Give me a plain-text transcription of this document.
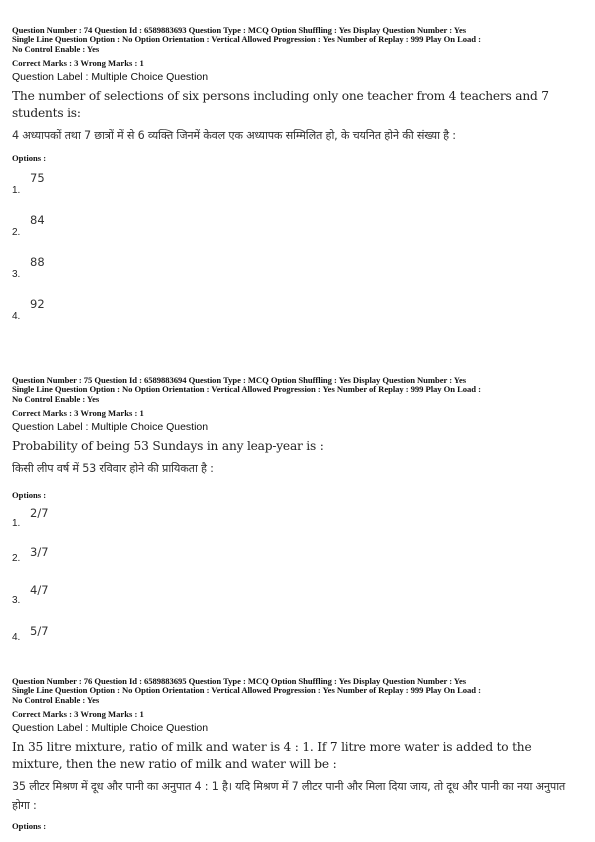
Question Number : 74 Question Id : 6589883693 Question Type : MCQ Option Shuffling : Yes Display Question Number : Yes
Single Line Question Option : No Option Orientation : Vertical Allowed Progression : Yes Number of Replay : 999 Play On Load :
No Control Enable : Yes
Correct Marks : 3 Wrong Marks : 1
Question Label : Multiple Choice Question
The number of selections of six persons including only one teacher from 4 teachers and 7 students is:
4 अध्यापकों तथा 7 छात्रों में से 6 व्यक्ति जिनमें केवल एक अध्यापक सम्मिलित हो, के चयनित होने की संख्या है :
Options :
1.
75
2.
84
3.
88
4.
92
Question Number : 75 Question Id : 6589883694 Question Type : MCQ Option Shuffling : Yes Display Question Number : Yes
Single Line Question Option : No Option Orientation : Vertical Allowed Progression : Yes Number of Replay : 999 Play On Load :
No Control Enable : Yes
Correct Marks : 3 Wrong Marks : 1
Question Label : Multiple Choice Question
Probability of being 53 Sundays in any leap-year is :
किसी लीप वर्ष में 53 रविवार होने की प्रायिकता है :
Options :
1.
2/7
2. 3/7
3.
4/7
4. 5/7
Question Number : 76 Question Id : 6589883695 Question Type : MCQ Option Shuffling : Yes Display Question Number : Yes
Single Line Question Option : No Option Orientation : Vertical Allowed Progression : Yes Number of Replay : 999 Play On Load :
No Control Enable : Yes
Correct Marks : 3 Wrong Marks : 1
Question Label : Multiple Choice Question
In 35 litre mixture, ratio of milk and water is 4 : 1. If 7 litre more water is added to the mixture, then the new ratio of milk and water will be :
35 लीटर मिश्रण में दूध और पानी का अनुपात 4 : 1 है। यदि मिश्रण में 7 लीटर पानी और मिला दिया जाय, तो दूध और पानी का नया अनुपात होगा :
Options :
